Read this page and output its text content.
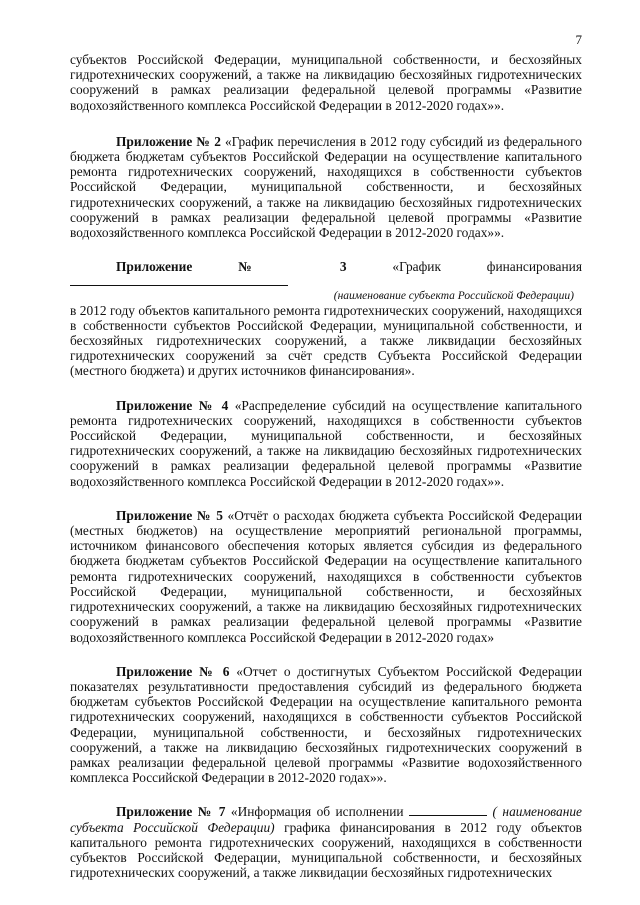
7

субъектов Российской Федерации, муниципальной собственности, и бесхозяйных гидротехнических сооружений, а также на ликвидацию бесхозяйных гидротехнических сооружений в рамках реализации федеральной целевой программы «Развитие водохозяйственного комплекса Российской Федерации в 2012-2020 годах»».

Приложение № 2 «График перечисления в 2012 году субсидий из федерального бюджета бюджетам субъектов Российской Федерации на осуществление капитального ремонта гидротехнических сооружений, находящихся в собственности субъектов Российской Федерации, муниципальной собственности, и бесхозяйных гидротехнических сооружений, а также на ликвидацию бесхозяйных гидротехнических сооружений в рамках реализации федеральной целевой программы «Развитие водохозяйственного комплекса Российской Федерации в 2012-2020 годах»».

Приложение № 3 «График финансирования
(наименование субъекта Российской Федерации)
в 2012 году объектов капитального ремонта гидротехнических сооружений, находящихся в собственности субъектов Российской Федерации, муниципальной собственности, и бесхозяйных гидротехнических сооружений, а также ликвидации бесхозяйных гидротехнических сооружений за счёт средств Субъекта Российской Федерации (местного бюджета) и других источников финансирования».

Приложение № 4 «Распределение субсидий на осуществление капитального ремонта гидротехнических сооружений, находящихся в собственности субъектов Российской Федерации, муниципальной собственности, и бесхозяйных гидротехнических сооружений, а также на ликвидацию бесхозяйных гидротехнических сооружений в рамках реализации федеральной целевой программы «Развитие водохозяйственного комплекса Российской Федерации в 2012-2020 годах»».

Приложение № 5 «Отчёт о расходах бюджета субъекта Российской Федерации (местных бюджетов) на осуществление мероприятий региональной программы, источником финансового обеспечения которых является субсидия из федерального бюджета бюджетам субъектов Российской Федерации на осуществление капитального ремонта гидротехнических сооружений, находящихся в собственности субъектов Российской Федерации, муниципальной собственности, и бесхозяйных гидротехнических сооружений, а также на ликвидацию бесхозяйных гидротехнических сооружений в рамках реализации федеральной целевой программы «Развитие водохозяйственного комплекса Российской Федерации в 2012-2020 годах»

Приложение № 6 «Отчет о достигнутых Субъектом Российской Федерации показателях результативности предоставления субсидий из федерального бюджета бюджетам субъектов Российской Федерации на осуществление капитального ремонта гидротехнических сооружений, находящихся в собственности субъектов Российской Федерации, муниципальной собственности, и бесхозяйных гидротехнических сооружений, а также на ликвидацию бесхозяйных гидротехнических сооружений в рамках реализации федеральной целевой программы «Развитие водохозяйственного комплекса Российской Федерации в 2012-2020 годах»».

Приложение № 7 «Информация об исполнении	( наименование субъекта Российской Федерации) графика финансирования в 2012 году объектов капитального ремонта гидротехнических сооружений, находящихся в собственности субъектов Российской Федерации, муниципальной собственности, и бесхозяйных гидротехнических сооружений, а также ликвидации бесхозяйных гидротехнических
